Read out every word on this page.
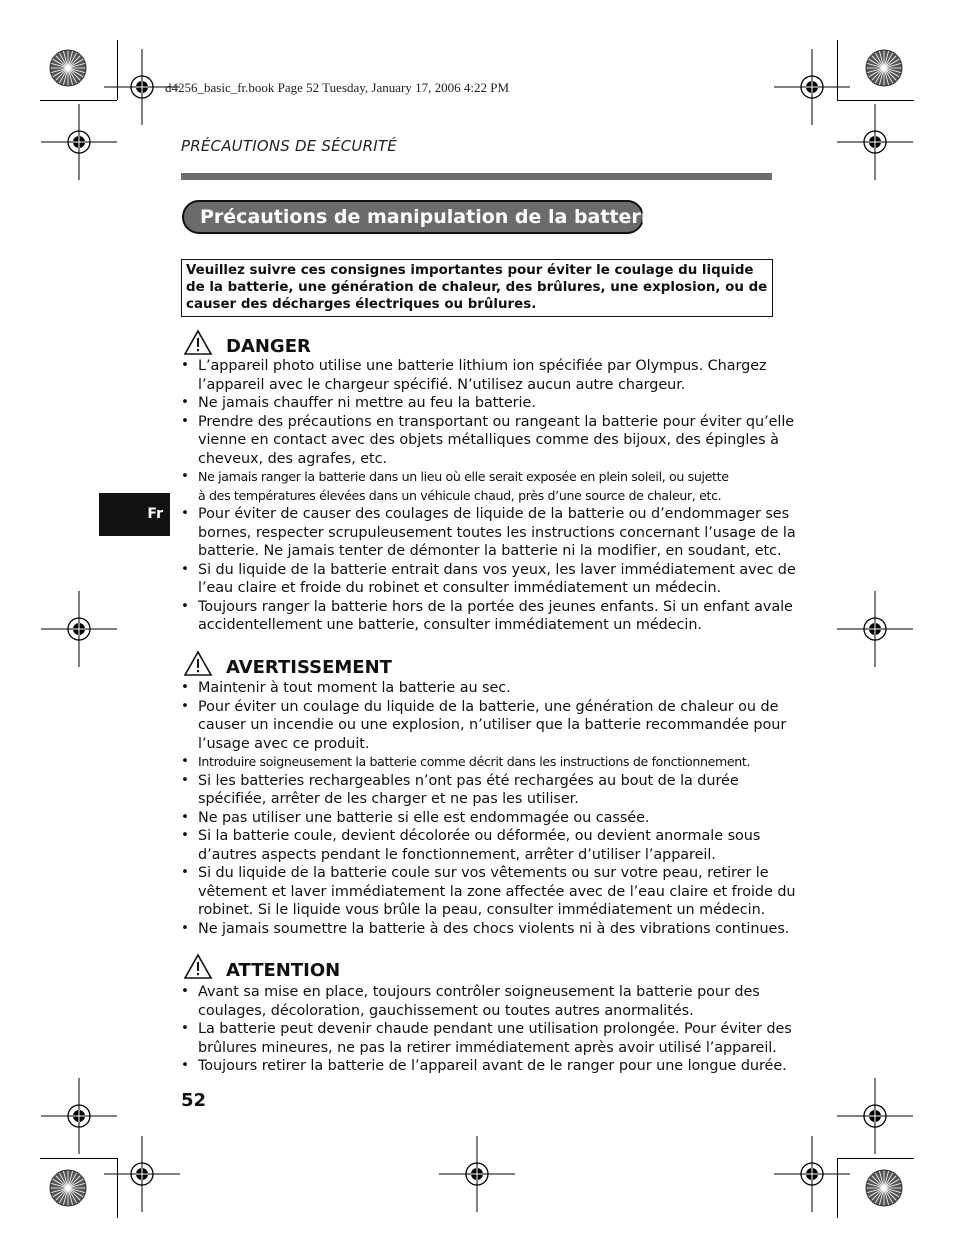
d4256_basic_fr.book Page 52 Tuesday, January 17, 2006 4:22 PM
PRÉCAUTIONS DE SÉCURITÉ
Précautions de manipulation de la batterie
Veuillez suivre ces consignes importantes pour éviter le coulage du liquide
de la batterie, une génération de chaleur, des brûlures, une explosion, ou de
causer des décharges électriques ou brûlures.
DANGER
• L’appareil photo utilise une batterie lithium ion spécifiée par Olympus. Chargez
l’appareil avec le chargeur spécifié. N’utilisez aucun autre chargeur.
• Ne jamais chauffer ni mettre au feu la batterie.
• Prendre des précautions en transportant ou rangeant la batterie pour éviter qu’elle
vienne en contact avec des objets métalliques comme des bijoux, des épingles à
cheveux, des agrafes, etc.
• Ne jamais ranger la batterie dans un lieu où elle serait exposée en plein soleil, ou sujette
à des températures élevées dans un véhicule chaud, près d’une source de chaleur, etc.
• Pour éviter de causer des coulages de liquide de la batterie ou d’endommager ses
bornes, respecter scrupuleusement toutes les instructions concernant l’usage de la
batterie. Ne jamais tenter de démonter la batterie ni la modifier, en soudant, etc.
• Si du liquide de la batterie entrait dans vos yeux, les laver immédiatement avec de
l’eau claire et froide du robinet et consulter immédiatement un médecin.
• Toujours ranger la batterie hors de la portée des jeunes enfants. Si un enfant avale
accidentellement une batterie, consulter immédiatement un médecin.
Fr
AVERTISSEMENT
• Maintenir à tout moment la batterie au sec.
• Pour éviter un coulage du liquide de la batterie, une génération de chaleur ou de
causer un incendie ou une explosion, n’utiliser que la batterie recommandée pour
l’usage avec ce produit.
• Introduire soigneusement la batterie comme décrit dans les instructions de fonctionnement.
• Si les batteries rechargeables n’ont pas été rechargées au bout de la durée
spécifiée, arrêter de les charger et ne pas les utiliser.
• Ne pas utiliser une batterie si elle est endommagée ou cassée.
• Si la batterie coule, devient décolorée ou déformée, ou devient anormale sous
d’autres aspects pendant le fonctionnement, arrêter d’utiliser l’appareil.
• Si du liquide de la batterie coule sur vos vêtements ou sur votre peau, retirer le
vêtement et laver immédiatement la zone affectée avec de l’eau claire et froide du
robinet. Si le liquide vous brûle la peau, consulter immédiatement un médecin.
• Ne jamais soumettre la batterie à des chocs violents ni à des vibrations continues.
ATTENTION
• Avant sa mise en place, toujours contrôler soigneusement la batterie pour des
coulages, décoloration, gauchissement ou toutes autres anormalités.
• La batterie peut devenir chaude pendant une utilisation prolongée. Pour éviter des
brûlures mineures, ne pas la retirer immédiatement après avoir utilisé l’appareil.
• Toujours retirer la batterie de l’appareil avant de le ranger pour une longue durée.
52
